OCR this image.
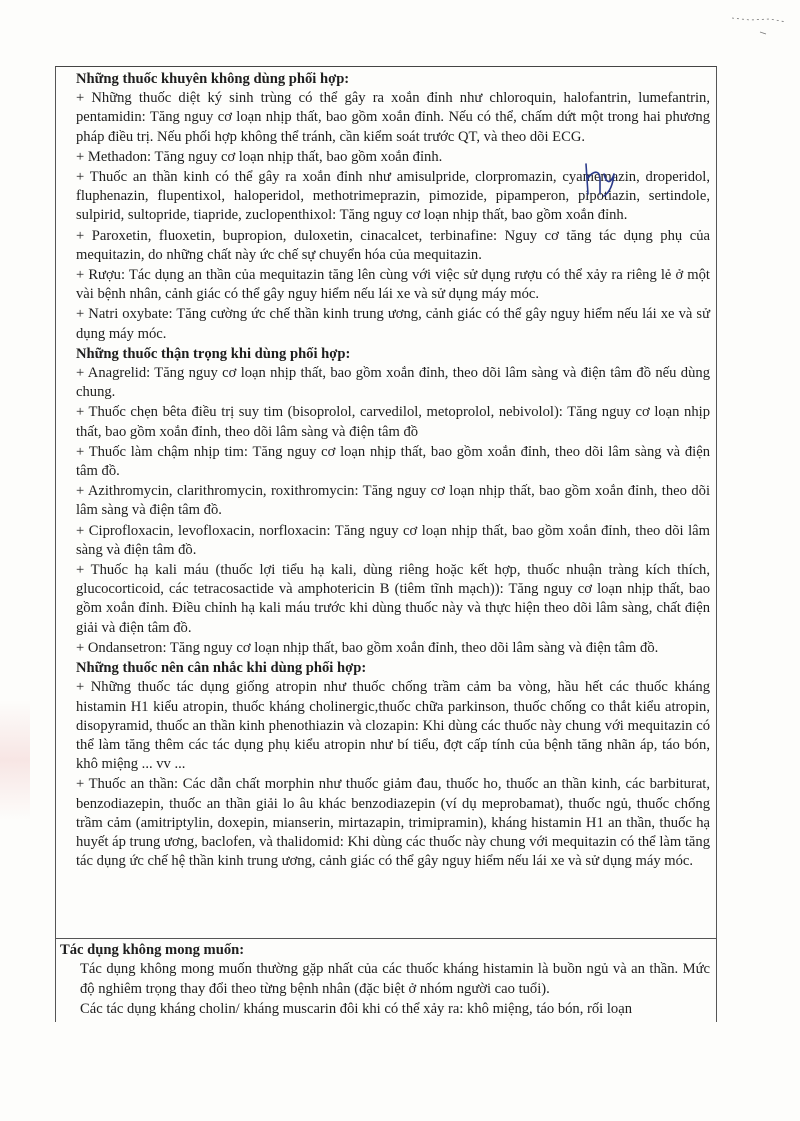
Những thuốc khuyên không dùng phối hợp:

+ Những thuốc diệt ký sinh trùng có thể gây ra xoắn đỉnh như chloroquin, halofantrin, lumefantrin, pentamidin: Tăng nguy cơ loạn nhịp thất, bao gồm xoắn đỉnh. Nếu có thể, chấm dứt một trong hai phương pháp điều trị. Nếu phối hợp không thể tránh, cần kiểm soát trước QT, và theo dõi ECG.

+ Methadon: Tăng nguy cơ loạn nhịp thất, bao gồm xoắn đỉnh.

+ Thuốc an thần kinh có thể gây ra xoắn đỉnh như amisulpride, clorpromazin, cyamemazin, droperidol, fluphenazin, flupentixol, haloperidol, methotrimeprazin, pimozide, pipamperon, pipotiazin, sertindole, sulpirid, sultopride, tiapride, zuclopenthixol: Tăng nguy cơ loạn nhịp thất, bao gồm xoắn đỉnh.

+ Paroxetin, fluoxetin, bupropion, duloxetin, cinacalcet, terbinafine: Nguy cơ tăng tác dụng phụ của mequitazin, do những chất này ức chế sự chuyển hóa của mequitazin.

+ Rượu: Tác dụng an thần của mequitazin tăng lên cùng với việc sử dụng rượu có thể xảy ra riêng lẻ ở một vài bệnh nhân, cảnh giác có thể gây nguy hiểm nếu lái xe và sử dụng máy móc.

+ Natri oxybate: Tăng cường ức chế thần kinh trung ương, cảnh giác có thể gây nguy hiểm nếu lái xe và sử dụng máy móc.

Những thuốc thận trọng khi dùng phối hợp:

+ Anagrelid: Tăng nguy cơ loạn nhịp thất, bao gồm xoắn đỉnh, theo dõi lâm sàng và điện tâm đồ nếu dùng chung.

+ Thuốc chẹn bêta điều trị suy tim (bisoprolol, carvedilol, metoprolol, nebivolol): Tăng nguy cơ loạn nhịp thất, bao gồm xoắn đỉnh, theo dõi lâm sàng và điện tâm đồ

+ Thuốc làm chậm nhịp tim: Tăng nguy cơ loạn nhịp thất, bao gồm xoắn đỉnh, theo dõi lâm sàng và điện tâm đồ.

+ Azithromycin, clarithromycin, roxithromycin: Tăng nguy cơ loạn nhịp thất, bao gồm xoắn đỉnh, theo dõi lâm sàng và điện tâm đồ.

+ Ciprofloxacin, levofloxacin, norfloxacin: Tăng nguy cơ loạn nhịp thất, bao gồm xoắn đỉnh, theo dõi lâm sàng và điện tâm đồ.

+ Thuốc hạ kali máu (thuốc lợi tiểu hạ kali, dùng riêng hoặc kết hợp, thuốc nhuận tràng kích thích, glucocorticoid, các tetracosactide và amphotericin B (tiêm tĩnh mạch)): Tăng nguy cơ loạn nhịp thất, bao gồm xoắn đỉnh. Điều chỉnh hạ kali máu trước khi dùng thuốc này và thực hiện theo dõi lâm sàng, chất điện giải và điện tâm đồ.

+ Ondansetron: Tăng nguy cơ loạn nhịp thất, bao gồm xoắn đỉnh, theo dõi lâm sàng và điện tâm đồ.

Những thuốc nên cân nhắc khi dùng phối hợp:

+ Những thuốc tác dụng giống atropin như thuốc chống trầm cảm ba vòng, hầu hết các thuốc kháng histamin H1 kiểu atropin, thuốc kháng cholinergic,thuốc chữa parkinson, thuốc chống co thắt kiểu atropin, disopyramid, thuốc an thần kinh phenothiazin và clozapin: Khi dùng các thuốc này chung với mequitazin có thể làm tăng thêm các tác dụng phụ kiểu atropin như bí tiểu, đợt cấp tính của bệnh tăng nhãn áp, táo bón, khô miệng ... vv ...

+ Thuốc an thần: Các dẫn chất morphin như thuốc giảm đau, thuốc ho, thuốc an thần kinh, các barbiturat, benzodiazepin, thuốc an thần giải lo âu khác benzodiazepin (ví dụ meprobamat), thuốc ngủ, thuốc chống trầm cảm (amitriptylin, doxepin, mianserin, mirtazapin, trimipramin), kháng histamin H1 an thần, thuốc hạ huyết áp trung ương, baclofen, và thalidomid: Khi dùng các thuốc này chung với mequitazin có thể làm tăng tác dụng ức chế hệ thần kinh trung ương, cảnh giác có thể gây nguy hiểm nếu lái xe và sử dụng máy móc.

Tác dụng không mong muốn:

Tác dụng không mong muốn thường gặp nhất của các thuốc kháng histamin là buồn ngủ và an thần. Mức độ nghiêm trọng thay đổi theo từng bệnh nhân (đặc biệt ở nhóm người cao tuổi).

Các tác dụng kháng cholin/ kháng muscarin đôi khi có thể xảy ra: khô miệng, táo bón, rối loạn
